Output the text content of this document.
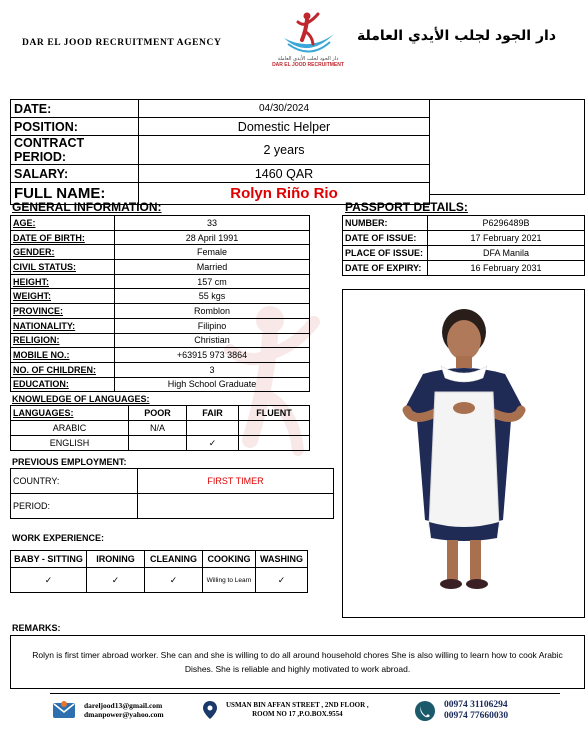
DAR EL JOOD RECRUITMENT AGENCY
دار الجود لجلب الأيدي العاملة
DAR EL JOOD RECRUITMENT
دار الجود لجلب الأيدي العاملة
DATE:	04/30/2024
POSITION:	Domestic Helper
CONTRACT PERIOD:	2 years
SALARY:	1460 QAR
FULL NAME:	Rolyn Riño Rio
GENERAL INFORMATION:
AGE:	33
DATE OF BIRTH:	28 April 1991
GENDER:	Female
CIVIL STATUS:	Married
HEIGHT:	157 cm
WEIGHT:	55 kgs
PROVINCE:	Romblon
NATIONALITY:	Filipino
RELIGION:	Christian
MOBILE NO.:	+63915 973 3864
NO. OF CHILDREN:	3
EDUCATION:	High School Graduate
PASSPORT DETAILS:
NUMBER:	P6296489B
DATE OF ISSUE:	17 February 2021
PLACE OF ISSUE:	DFA Manila
DATE OF EXPIRY:	16 February 2031
KNOWLEDGE OF LANGUAGES:
LANGUAGES:	POOR	FAIR	FLUENT
ARABIC	N/A		
ENGLISH		✓	
PREVIOUS EMPLOYMENT:
COUNTRY:	FIRST TIMER
PERIOD:	
WORK EXPERIENCE:
BABY - SITTING	IRONING	CLEANING	COOKING	WASHING
✓	✓	✓	Willing to Learn	✓
REMARKS:
Rolyn is first timer abroad worker. She can and she is willing to do all around household chores She is also willing to learn how to cook Arabic Dishes. She is reliable and highly motivated to work abroad.
dareljood13@gmail.com
dmanpower@yahoo.com
USMAN BIN AFFAN STREET , 2ND FLOOR ,
ROOM NO 17 ,P.O.BOX.9554
00974 31106294
00974 77660030
